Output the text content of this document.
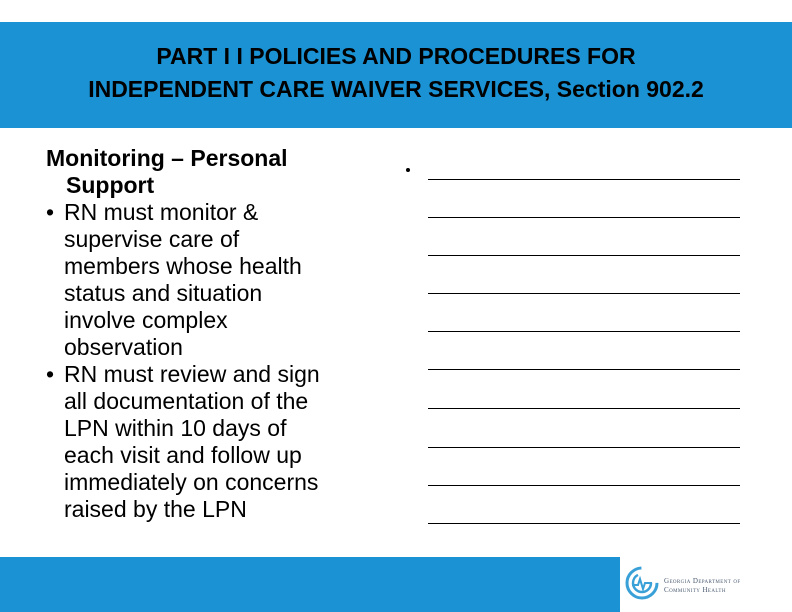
PART I I POLICIES AND PROCEDURES FOR
INDEPENDENT CARE WAIVER SERVICES, Section 902.2

Monitoring – Personal
Support

• RN must monitor &
supervise care of
members whose health
status and situation
involve complex
observation
• RN must review and sign
all documentation of the
LPN within 10 days of
each visit and follow up
immediately on concerns
raised by the LPN
Georgia Department of
Community Health
